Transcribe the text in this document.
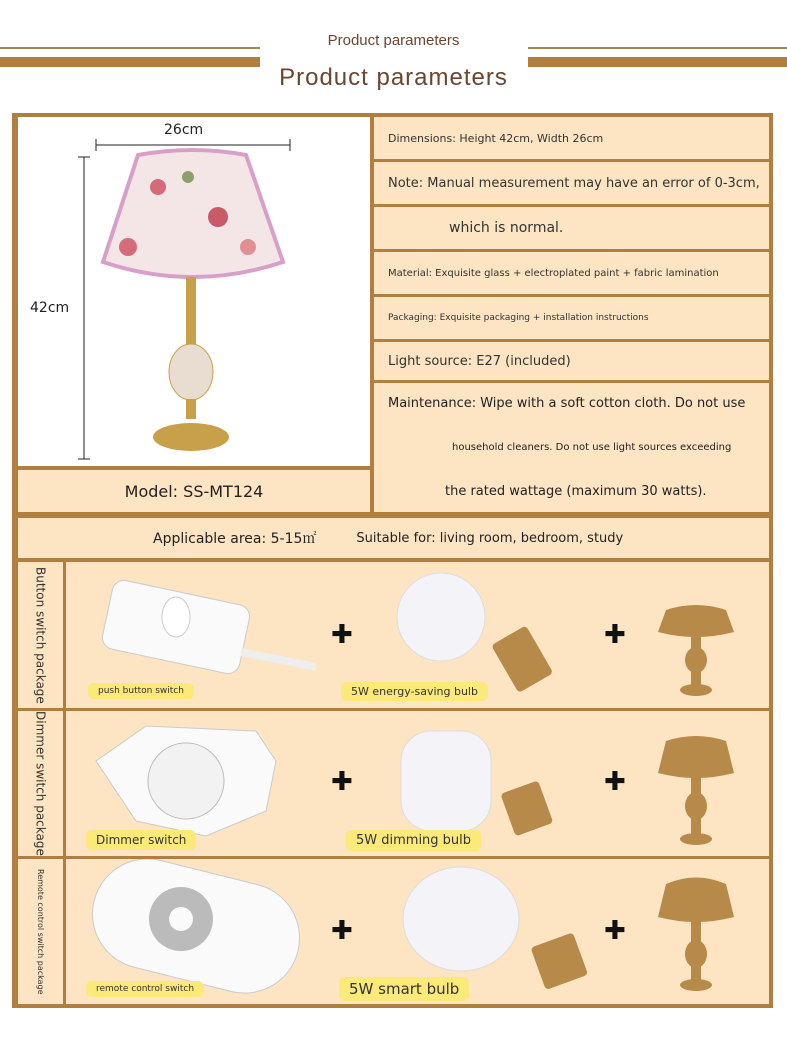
Product parameters
Product parameters
26cm
42cm
Model: SS-MT124
Dimensions: Height 42cm, Width 26cm
Note: Manual measurement may have an error of 0-3cm,
which is normal.
Material: Exquisite glass + electroplated paint + fabric lamination
Packaging: Exquisite packaging + installation instructions
Light source: E27 (included)
Maintenance: Wipe with a soft cotton cloth. Do not use
household cleaners. Do not use light sources exceeding
the rated wattage (maximum 30 watts).
Applicable area: 5-15㎡	Suitable for: living room, bedroom, study
Button switch package	✚	✚
push button switch	5W energy-saving bulb
Dimmer switch package	✚	✚
Dimmer switch	5W dimming bulb
Remote control switch package	✚	✚
remote control switch	5W smart bulb
